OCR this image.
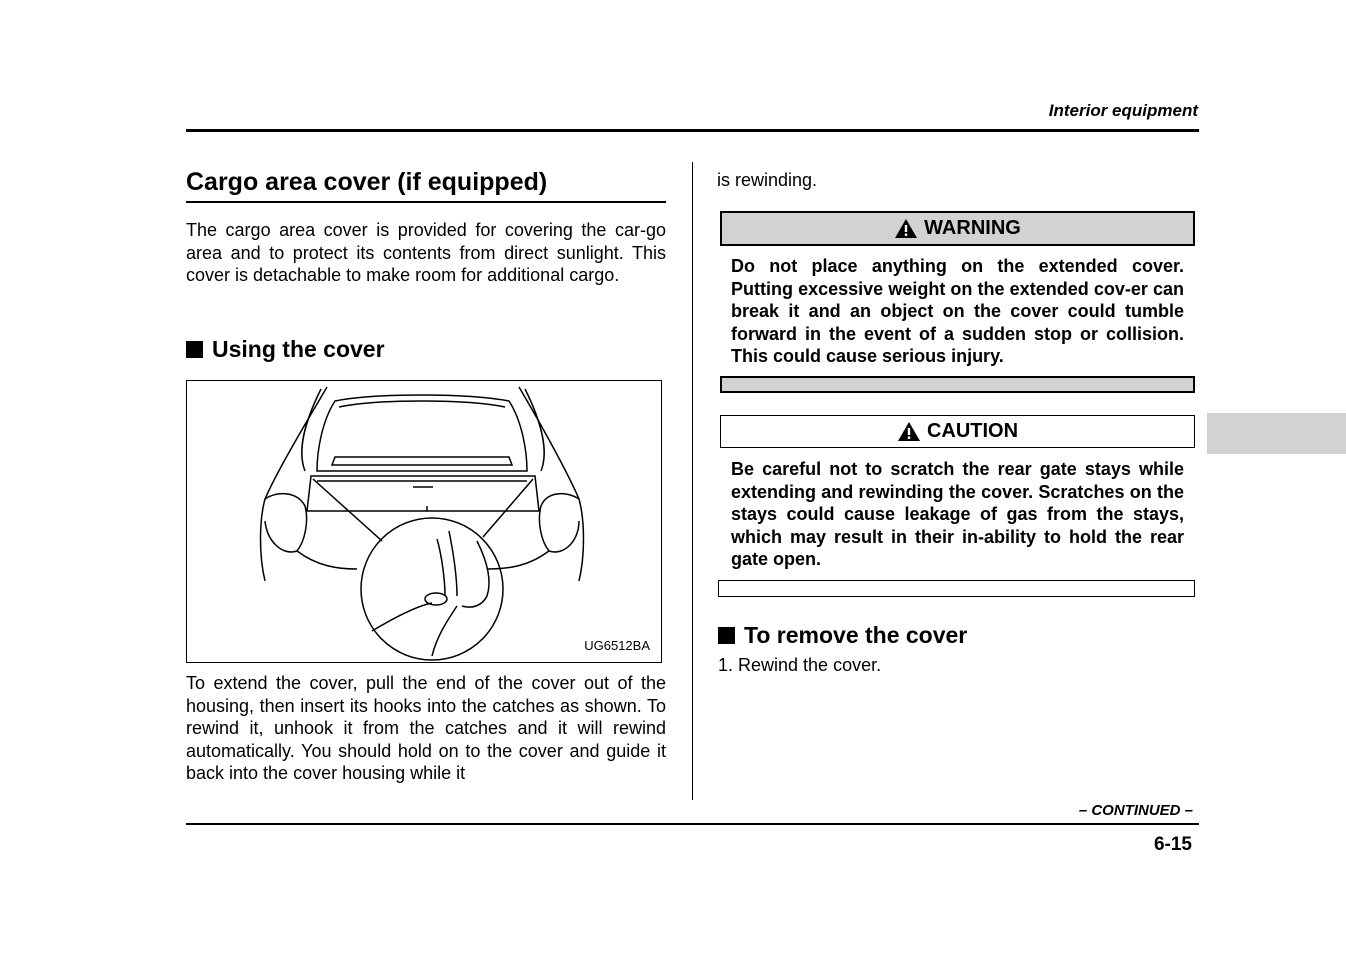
Interior equipment
Cargo area cover (if equipped)
The cargo area cover is provided for covering the car-go area and to protect its contents from direct sunlight. This cover is detachable to make room for additional cargo.
Using the cover
UG6512BA
To extend the cover, pull the end of the cover out of the housing, then insert its hooks into the catches as shown. To rewind it, unhook it from the catches and it will rewind automatically. You should hold on to the cover and guide it back into the cover housing while it
is rewinding.
WARNING
Do not place anything on the extended cover. Putting excessive weight on the extended cov-er can break it and an object on the cover could tumble forward in the event of a sudden stop or collision. This could cause serious injury.
CAUTION
Be careful not to scratch the rear gate stays while extending and rewinding the cover. Scratches on the stays could cause leakage of gas from the stays, which may result in their in-ability to hold the rear gate open.
To remove the cover
1. Rewind the cover.
– CONTINUED –
6-15
